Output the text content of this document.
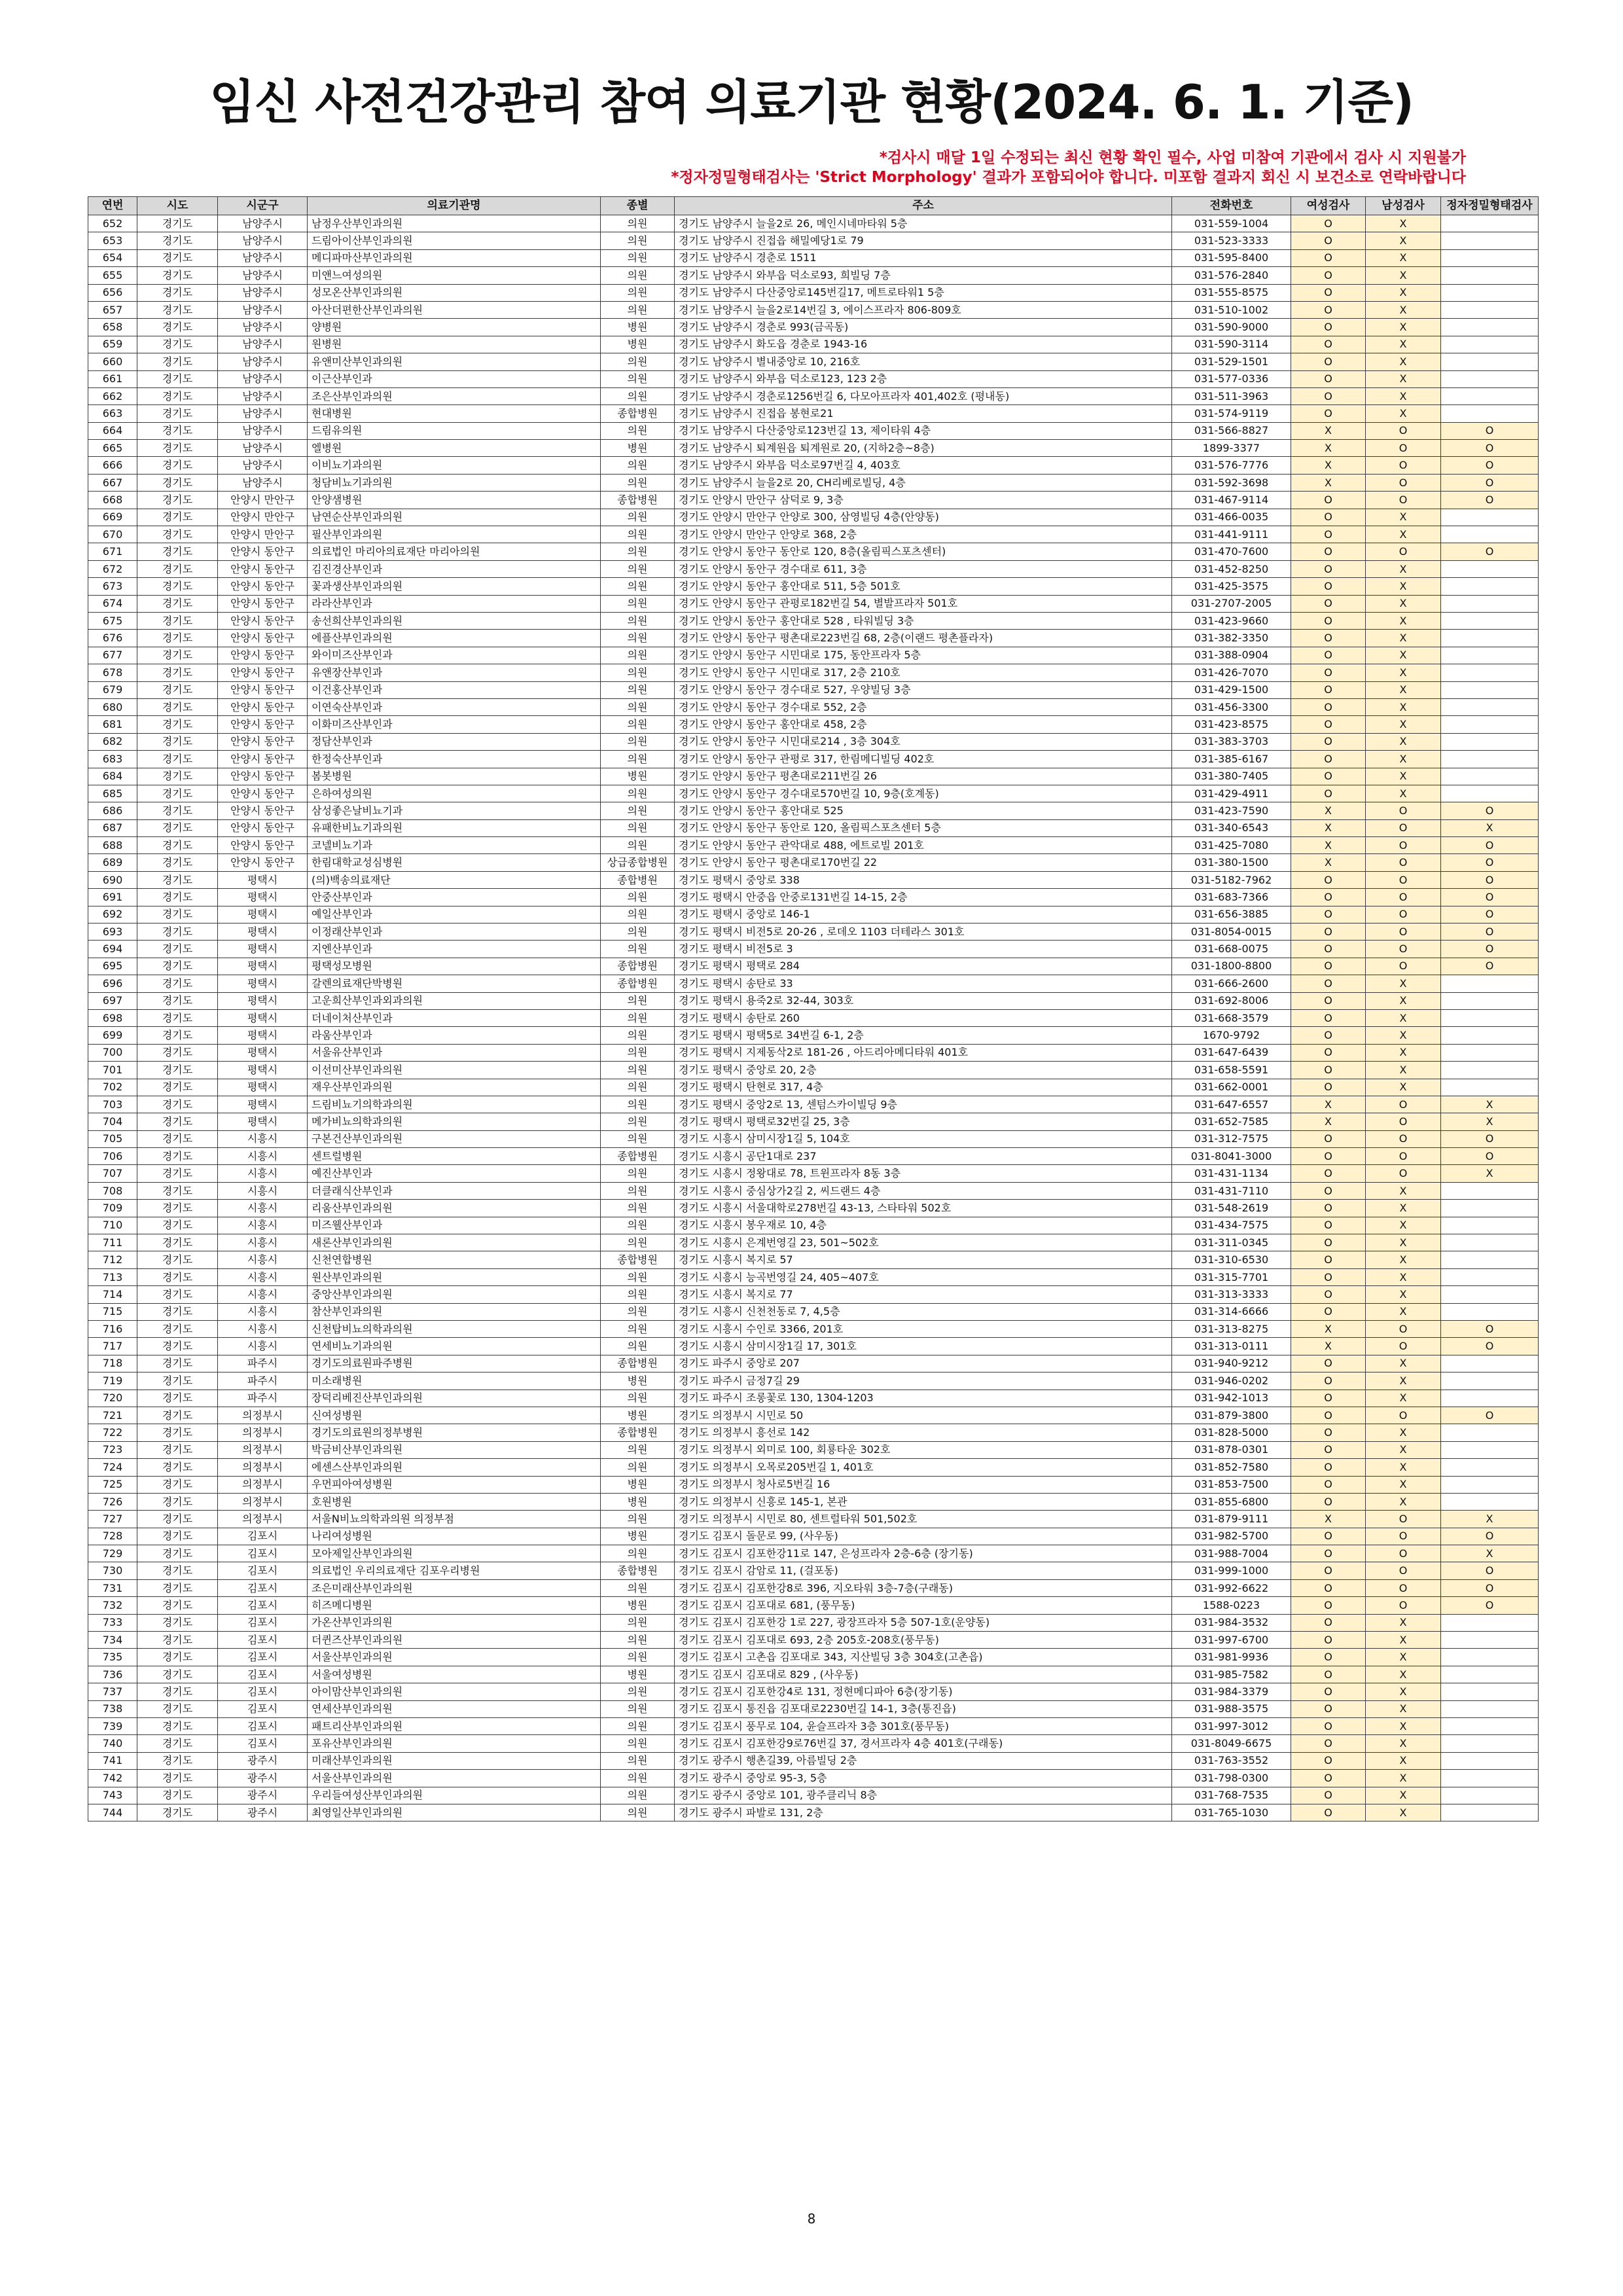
임신 사전건강관리 참여 의료기관 현황(2024. 6. 1. 기준)
*검사시 매달 1일 수정되는 최신 현황 확인 필수, 사업 미참여 기관에서 검사 시 지원불가
*정자정밀형태검사는 'Strict Morphology' 결과가 포함되어야 합니다. 미포함 결과지 회신 시 보건소로 연락바랍니다
연번	시도	시군구	의료기관명	종별	주소	전화번호	여성검사	남성검사	정자정밀형태검사
652	경기도	남양주시	남정우산부인과의원	의원	경기도 남양주시 늘을2로 26, 메인시네마타워 5층	031-559-1004	O	X	
653	경기도	남양주시	드림아이산부인과의원	의원	경기도 남양주시 진접읍 해밀예당1로 79	031-523-3333	O	X	
654	경기도	남양주시	메디파마산부인과의원	의원	경기도 남양주시 경춘로 1511	031-595-8400	O	X	
655	경기도	남양주시	미앤느여성의원	의원	경기도 남양주시 와부읍 덕소로93, 희빌딩 7층	031-576-2840	O	X	
656	경기도	남양주시	성모온산부인과의원	의원	경기도 남양주시 다산중앙로145번길17, 메트로타워1 5층	031-555-8575	O	X	
657	경기도	남양주시	아산더편한산부인과의원	의원	경기도 남양주시 늘을2로14번길 3, 에이스프라자 806-809호	031-510-1002	O	X	
658	경기도	남양주시	양병원	병원	경기도 남양주시 경춘로 993(금곡동)	031-590-9000	O	X	
659	경기도	남양주시	원병원	병원	경기도 남양주시 화도읍 경춘로 1943-16	031-590-3114	O	X	
660	경기도	남양주시	유앤미산부인과의원	의원	경기도 남양주시 별내중앙로 10, 216호	031-529-1501	O	X	
661	경기도	남양주시	이근산부인과	의원	경기도 남양주시 와부읍 덕소로123, 123 2층	031-577-0336	O	X	
662	경기도	남양주시	조은산부인과의원	의원	경기도 남양주시 경춘로1256번길 6, 다모아프라자 401,402호 (평내동)	031-511-3963	O	X	
663	경기도	남양주시	현대병원	종합병원	경기도 남양주시 진접읍 봉현로21	031-574-9119	O	X	
664	경기도	남양주시	드림유의원	의원	경기도 남양주시 다산중앙로123번길 13, 제이타워 4층	031-566-8827	X	O	O
665	경기도	남양주시	엘병원	병원	경기도 남양주시 퇴계원읍 퇴계원로 20, (지하2층~8층)	1899-3377	X	O	O
666	경기도	남양주시	이비뇨기과의원	의원	경기도 남양주시 와부읍 덕소로97번길 4, 403호	031-576-7776	X	O	O
667	경기도	남양주시	청담비뇨기과의원	의원	경기도 남양주시 늘을2로 20, CH리베로빌딩, 4층	031-592-3698	X	O	O
668	경기도	안양시 만안구	안양샘병원	종합병원	경기도 안양시 만안구 삼덕로 9, 3층	031-467-9114	O	O	O
669	경기도	안양시 만안구	남연순산부인과의원	의원	경기도 안양시 만안구 안양로 300, 삼영빌딩 4층(안양동)	031-466-0035	O	X	
670	경기도	안양시 만안구	필산부인과의원	의원	경기도 안양시 만안구 안양로 368, 2층	031-441-9111	O	X	
671	경기도	안양시 동안구	의료법인 마리아의료재단 마리아의원	의원	경기도 안양시 동안구 동안로 120, 8층(올림픽스포츠센터)	031-470-7600	O	O	O
672	경기도	안양시 동안구	김진경산부인과	의원	경기도 안양시 동안구 경수대로 611, 3층	031-452-8250	O	X	
673	경기도	안양시 동안구	꽃과생산부인과의원	의원	경기도 안양시 동안구 홍안대로 511, 5층 501호	031-425-3575	O	X	
674	경기도	안양시 동안구	라라산부인과	의원	경기도 안양시 동안구 관평로182번길 54, 별발프라자 501호	031-2707-2005	O	X	
675	경기도	안양시 동안구	송선희산부인과의원	의원	경기도 안양시 동안구 홍안대로 528 , 타워빌딩 3층	031-423-9660	O	X	
676	경기도	안양시 동안구	에플산부인과의원	의원	경기도 안양시 동안구 평촌대로223번길 68, 2층(이랜드 평촌플라자)	031-382-3350	O	X	
677	경기도	안양시 동안구	와이미즈산부인과	의원	경기도 안양시 동안구 시민대로 175, 동안프라자 5층	031-388-0904	O	X	
678	경기도	안양시 동안구	유앤장산부인과	의원	경기도 안양시 동안구 시민대로 317, 2층 210호	031-426-7070	O	X	
679	경기도	안양시 동안구	이건홍산부인과	의원	경기도 안양시 동안구 경수대로 527, 우양빌딩 3층	031-429-1500	O	X	
680	경기도	안양시 동안구	이연숙산부인과	의원	경기도 안양시 동안구 경수대로 552, 2층	031-456-3300	O	X	
681	경기도	안양시 동안구	이화미즈산부인과	의원	경기도 안양시 동안구 홍안대로 458, 2층	031-423-8575	O	X	
682	경기도	안양시 동안구	정담산부인과	의원	경기도 안양시 동안구 시민대로214 , 3층 304호	031-383-3703	O	X	
683	경기도	안양시 동안구	한정숙산부인과	의원	경기도 안양시 동안구 관평로 317, 한림메디빌딩 402호	031-385-6167	O	X	
684	경기도	안양시 동안구	봄봇병원	병원	경기도 안양시 동안구 평촌대로211번길 26	031-380-7405	O	X	
685	경기도	안양시 동안구	은하여성의원	의원	경기도 안양시 동안구 경수대로570번길 10, 9층(호계동)	031-429-4911	O	X	
686	경기도	안양시 동안구	삼성좋은날비뇨기과	의원	경기도 안양시 동안구 홍안대로 525	031-423-7590	X	O	O
687	경기도	안양시 동안구	유패한비뇨기과의원	의원	경기도 안양시 동안구 동안로 120, 올림픽스포츠센터 5층	031-340-6543	X	O	X
688	경기도	안양시 동안구	코넬비뇨기과	의원	경기도 안양시 동안구 관악대로 488, 에트로빌 201호	031-425-7080	X	O	O
689	경기도	안양시 동안구	한림대학교성심병원	상급종합병원	경기도 안양시 동안구 평촌대로170번길 22	031-380-1500	X	O	O
690	경기도	평택시	(의)백송의료재단	종합병원	경기도 평택시 중앙로 338	031-5182-7962	O	O	O
691	경기도	평택시	안중산부인과	의원	경기도 평택시 안중읍 안중로131번길 14-15, 2층	031-683-7366	O	O	O
692	경기도	평택시	예일산부인과	의원	경기도 평택시 중앙로 146-1	031-656-3885	O	O	O
693	경기도	평택시	이정래산부인과	의원	경기도 평택시 비전5로 20-26 , 로데오 1103 더테라스 301호	031-8054-0015	O	O	O
694	경기도	평택시	지엔산부인과	의원	경기도 평택시 비전5로 3	031-668-0075	O	O	O
695	경기도	평택시	평택성모병원	종합병원	경기도 평택시 평택로 284	031-1800-8800	O	O	O
696	경기도	평택시	갈렌의료재단박병원	종합병원	경기도 평택시 송탄로 33	031-666-2600	O	X	
697	경기도	평택시	고운희산부인과외과의원	의원	경기도 평택시 용죽2로 32-44, 303호	031-692-8006	O	X	
698	경기도	평택시	더네이처산부인과	의원	경기도 평택시 송탄로 260	031-668-3579	O	X	
699	경기도	평택시	라움산부인과	의원	경기도 평택시 평택5로 34번길 6-1, 2층	1670-9792	O	X	
700	경기도	평택시	서울유산부인과	의원	경기도 평택시 지제동삭2로 181-26 , 아드리아메디타워 401호	031-647-6439	O	X	
701	경기도	평택시	이선미산부인과의원	의원	경기도 평택시 중앙로 20, 2층	031-658-5591	O	X	
702	경기도	평택시	재우산부인과의원	의원	경기도 평택시 탄현로 317, 4층	031-662-0001	O	X	
703	경기도	평택시	드림비뇨기의학과의원	의원	경기도 평택시 중앙2로 13, 센텀스카이빌딩 9층	031-647-6557	X	O	X
704	경기도	평택시	메가비뇨의학과의원	의원	경기도 평택시 평택로32번길 25, 3층	031-652-7585	X	O	X
705	경기도	시흥시	구본건산부인과의원	의원	경기도 시흥시 삼미시장1길 5, 104호	031-312-7575	O	O	O
706	경기도	시흥시	센트럴병원	종합병원	경기도 시흥시 공단1대로 237	031-8041-3000	O	O	O
707	경기도	시흥시	예진산부인과	의원	경기도 시흥시 정왕대로 78, 트윈프라자 8동 3층	031-431-1134	O	O	X
708	경기도	시흥시	더클래식산부인과	의원	경기도 시흥시 중심상가2길 2, 씨드랜드 4층	031-431-7110	O	X	
709	경기도	시흥시	리움산부인과의원	의원	경기도 시흥시 서울대학로278번길 43-13, 스타타워 502호	031-548-2619	O	X	
710	경기도	시흥시	미즈웰산부인과	의원	경기도 시흥시 봉우재로 10, 4층	031-434-7575	O	X	
711	경기도	시흥시	새론산부인과의원	의원	경기도 시흥시 은계번영길 23, 501~502호	031-311-0345	O	X	
712	경기도	시흥시	신천연합병원	종합병원	경기도 시흥시 복지로 57	031-310-6530	O	X	
713	경기도	시흥시	원산부인과의원	의원	경기도 시흥시 능곡번영길 24, 405~407호	031-315-7701	O	X	
714	경기도	시흥시	중앙산부인과의원	의원	경기도 시흥시 복지로 77	031-313-3333	O	X	
715	경기도	시흥시	참산부인과의원	의원	경기도 시흥시 신천천동로 7, 4,5층	031-314-6666	O	X	
716	경기도	시흥시	신천탑비뇨의학과의원	의원	경기도 시흥시 수인로 3366, 201호	031-313-8275	X	O	O
717	경기도	시흥시	연세비뇨기과의원	의원	경기도 시흥시 삼미시장1길 17, 301호	031-313-0111	X	O	O
718	경기도	파주시	경기도의료원파주병원	종합병원	경기도 파주시 중앙로 207	031-940-9212	O	X	
719	경기도	파주시	미소래병원	병원	경기도 파주시 금정7길 29	031-946-0202	O	X	
720	경기도	파주시	장덕리베진산부인과의원	의원	경기도 파주시 조롱꽃로 130, 1304-1203	031-942-1013	O	X	
721	경기도	의정부시	신여성병원	병원	경기도 의정부시 시민로 50	031-879-3800	O	O	O
722	경기도	의정부시	경기도의료원의정부병원	종합병원	경기도 의정부시 흥선로 142	031-828-5000	O	X	
723	경기도	의정부시	박금비산부인과의원	의원	경기도 의정부시 외미로 100, 회룡타운 302호	031-878-0301	O	X	
724	경기도	의정부시	에센스산부인과의원	의원	경기도 의정부시 오목로205번길 1, 401호	031-852-7580	O	X	
725	경기도	의정부시	우먼피아여성병원	병원	경기도 의정부시 청사로5번길 16	031-853-7500	O	X	
726	경기도	의정부시	호원병원	병원	경기도 의정부시 신흥로 145-1, 본관	031-855-6800	O	X	
727	경기도	의정부시	서울N비뇨의학과의원 의정부점	의원	경기도 의정부시 시민로 80, 센트럴타워 501,502호	031-879-9111	X	O	X
728	경기도	김포시	나리여성병원	병원	경기도 김포시 돌문로 99, (사우동)	031-982-5700	O	O	O
729	경기도	김포시	모아제일산부인과의원	의원	경기도 김포시 김포한강11로 147, 은성프라자 2층-6층 (장기동)	031-988-7004	O	O	X
730	경기도	김포시	의료법인 우리의료재단 김포우리병원	종합병원	경기도 김포시 감암로 11, (걸포동)	031-999-1000	O	O	O
731	경기도	김포시	조은미래산부인과의원	의원	경기도 김포시 김포한강8로 396, 지오타워 3층-7층(구래동)	031-992-6622	O	O	O
732	경기도	김포시	히즈메디병원	병원	경기도 김포시 김포대로 681, (풍무동)	1588-0223	O	O	O
733	경기도	김포시	가온산부인과의원	의원	경기도 김포시 김포한강 1로 227, 광장프라자 5층 507-1호(운양동)	031-984-3532	O	X	
734	경기도	김포시	더퀸즈산부인과의원	의원	경기도 김포시 김포대로 693, 2층 205호-208호(풍무동)	031-997-6700	O	X	
735	경기도	김포시	서울산부인과의원	의원	경기도 김포시 고촌읍 김포대로 343, 지산빌딩 3층 304호(고촌읍)	031-981-9936	O	X	
736	경기도	김포시	서울여성병원	병원	경기도 김포시 김포대로 829 , (사우동)	031-985-7582	O	X	
737	경기도	김포시	아이맘산부인과의원	의원	경기도 김포시 김포한강4로 131, 정현메디파아 6층(장기동)	031-984-3379	O	X	
738	경기도	김포시	연세산부인과의원	의원	경기도 김포시 통진읍 김포대로2230번길 14-1, 3층(통진읍)	031-988-3575	O	X	
739	경기도	김포시	패트리산부인과의원	의원	경기도 김포시 풍무로 104, 윤슬프라자 3층 301호(풍무동)	031-997-3012	O	X	
740	경기도	김포시	포유산부인과의원	의원	경기도 김포시 김포한강9로76번길 37, 경서프라자 4층 401호(구래동)	031-8049-6675	O	X	
741	경기도	광주시	미래산부인과의원	의원	경기도 광주시 행촌길39, 아름빌딩 2층	031-763-3552	O	X	
742	경기도	광주시	서울산부인과의원	의원	경기도 광주시 중앙로 95-3, 5층	031-798-0300	O	X	
743	경기도	광주시	우리들여성산부인과의원	의원	경기도 광주시 중앙로 101, 광주클리닉 8층	031-768-7535	O	X	
744	경기도	광주시	최영일산부인과의원	의원	경기도 광주시 파발로 131, 2층	031-765-1030	O	X	
8
